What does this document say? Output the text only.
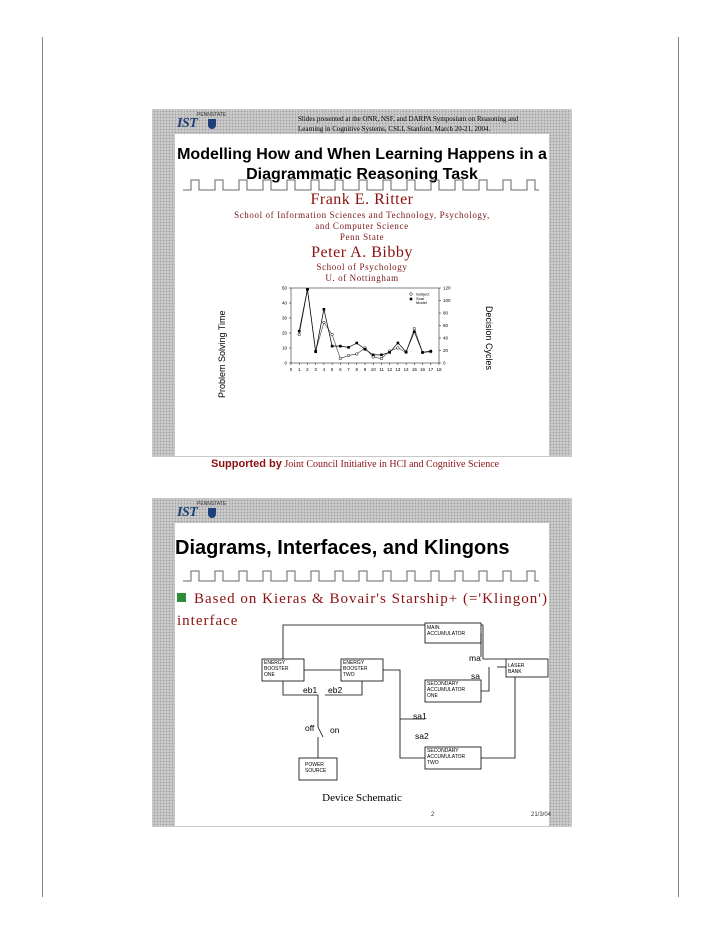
IST
PENNSTATE	Slides presented at the ONR, NSF, and DARPA Symposium on Reasoning and Learning in Cognitive Systems, CSLI, Stanford, March 20-21, 2004.
Modelling How and When Learning Happens in a Diagrammatic Reasoning Task
Frank E. Ritter
School of Information Sciences and Technology, Psychology,
and Computer Science
Penn State
Peter A. Bibby
School of Psychology
U. of Nottingham
0 1 2 3 4 5 6 7 8 9 10 11 12 13 14 15 16 17 18
0
10
20
30
40
50
0
20
40
60
80
100
120
Subject
Soar
Model
Problem Solving Time	Decision Cycles
Supported by Joint Council Initiative in HCI and Cognitive Science
IST
PENNSTATE
Diagrams, Interfaces, and Klingons
Based on Kieras & Bovair's Starship+ (='Klingon') interface	MAIN
ACCUMULATOR
ENERGY
BOOSTER
ONE
ENERGY
BOOSTER
TWO
LASER
BANK
SECONDARY
ACCUMULATOR
ONE
SECONDARY
ACCUMULATOR
TWO
POWER
SOURCE
ma
sa
eb1 eb2
sa1
off on
sa2
Device Schematic
2	21/3/04
